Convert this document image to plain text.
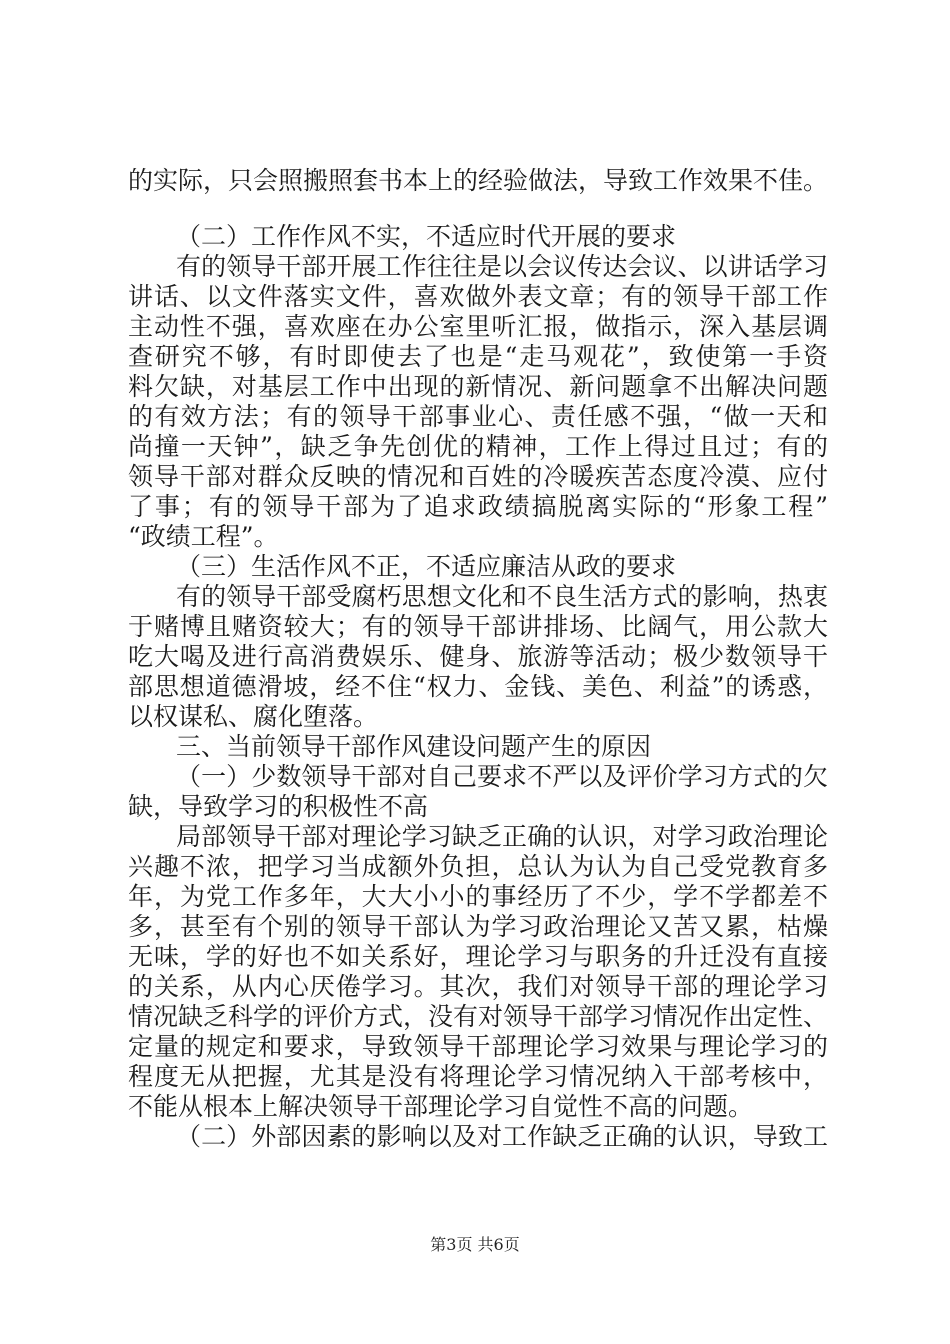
的实际，只会照搬照套书本上的经验做法，导致工作效果不佳。
（二）工作作风不实，不适应时代开展的要求
有的领导干部开展工作往往是以会议传达会议、以讲话学习
讲话、以文件落实文件，喜欢做外表文章；有的领导干部工作
主动性不强，喜欢座在办公室里听汇报，做指示，深入基层调
查研究不够，有时即使去了也是“走马观花”，致使第一手资
料欠缺，对基层工作中出现的新情况、新问题拿不出解决问题
的有效方法；有的领导干部事业心、责任感不强，“做一天和
尚撞一天钟”，缺乏争先创优的精神，工作上得过且过；有的
领导干部对群众反映的情况和百姓的冷暖疾苦态度冷漠、应付
了事；有的领导干部为了追求政绩搞脱离实际的“形象工程”
“政绩工程”。
（三）生活作风不正，不适应廉洁从政的要求
有的领导干部受腐朽思想文化和不良生活方式的影响，热衷
于赌博且赌资较大；有的领导干部讲排场、比阔气，用公款大
吃大喝及进行高消费娱乐、健身、旅游等活动；极少数领导干
部思想道德滑坡，经不住“权力、金钱、美色、利益”的诱惑，
以权谋私、腐化堕落。
三、当前领导干部作风建设问题产生的原因
（一）少数领导干部对自己要求不严以及评价学习方式的欠
缺，导致学习的积极性不高
局部领导干部对理论学习缺乏正确的认识，对学习政治理论
兴趣不浓，把学习当成额外负担，总认为认为自己受党教育多
年，为党工作多年，大大小小的事经历了不少，学不学都差不
多，甚至有个别的领导干部认为学习政治理论又苦又累，枯燥
无味，学的好也不如关系好，理论学习与职务的升迁没有直接
的关系，从内心厌倦学习。其次，我们对领导干部的理论学习
情况缺乏科学的评价方式，没有对领导干部学习情况作出定性、
定量的规定和要求，导致领导干部理论学习效果与理论学习的
程度无从把握，尤其是没有将理论学习情况纳入干部考核中，
不能从根本上解决领导干部理论学习自觉性不高的问题。
（二）外部因素的影响以及对工作缺乏正确的认识，导致工
第3页 共6页
